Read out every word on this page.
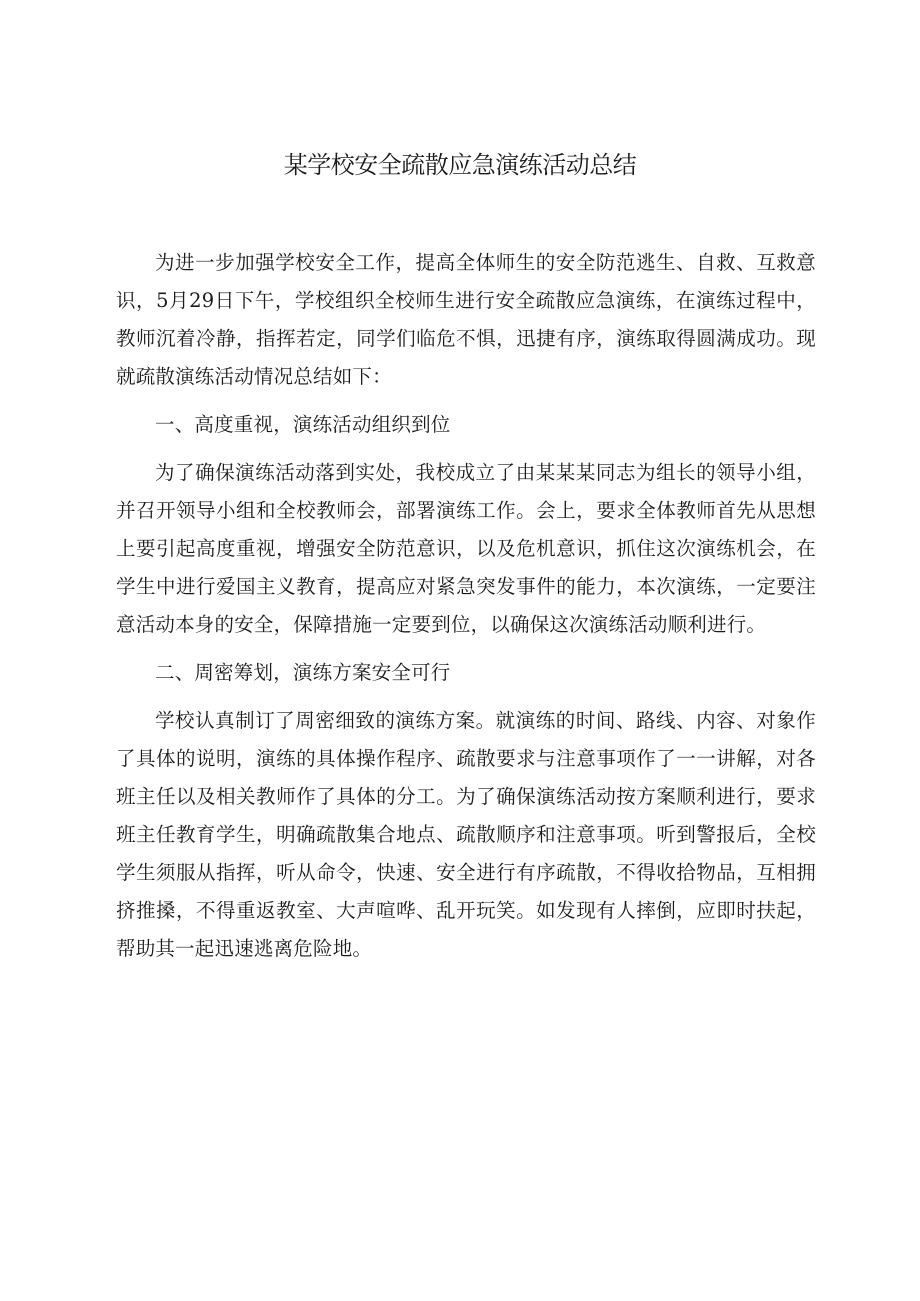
某学校安全疏散应急演练活动总结

为进一步加强学校安全工作，提高全体师生的安全防范逃生、自救、互救意识，5月29日下午，学校组织全校师生进行安全疏散应急演练，在演练过程中，教师沉着冷静，指挥若定，同学们临危不惧，迅捷有序，演练取得圆满成功。现就疏散演练活动情况总结如下：

一、高度重视，演练活动组织到位

为了确保演练活动落到实处，我校成立了由某某某同志为组长的领导小组，并召开领导小组和全校教师会，部署演练工作。会上，要求全体教师首先从思想上要引起高度重视，增强安全防范意识，以及危机意识，抓住这次演练机会，在学生中进行爱国主义教育，提高应对紧急突发事件的能力，本次演练，一定要注意活动本身的安全，保障措施一定要到位，以确保这次演练活动顺利进行。

二、周密筹划，演练方案安全可行

学校认真制订了周密细致的演练方案。就演练的时间、路线、内容、对象作了具体的说明，演练的具体操作程序、疏散要求与注意事项作了一一讲解，对各班主任以及相关教师作了具体的分工。为了确保演练活动按方案顺利进行，要求班主任教育学生，明确疏散集合地点、疏散顺序和注意事项。听到警报后，全校学生须服从指挥，听从命令，快速、安全进行有序疏散，不得收拾物品，互相拥挤推搡，不得重返教室、大声喧哗、乱开玩笑。如发现有人摔倒，应即时扶起，帮助其一起迅速逃离危险地。
